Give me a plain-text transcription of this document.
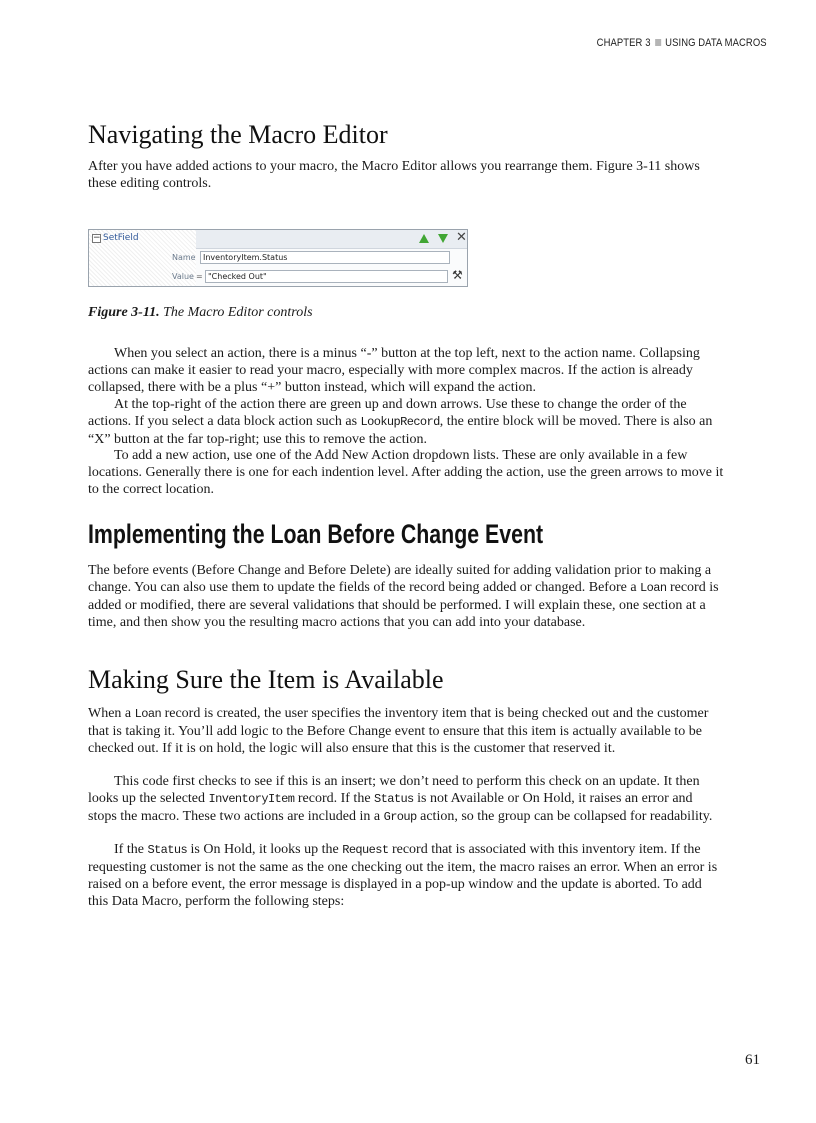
CHAPTER 3 USING DATA MACROS
Navigating the Macro Editor

After you have added actions to your macro, the Macro Editor allows you rearrange them. Figure 3-11 shows these editing controls.

− SetField	✕
Name InventoryItem.Status
Value = "Checked Out"	⚒
Figure 3-11. The Macro Editor controls

When you select an action, there is a minus “-” button at the top left, next to the action name. Collapsing actions can make it easier to read your macro, especially with more complex macros. If the action is already collapsed, there with be a plus “+” button instead, which will expand the action.

At the top-right of the action there are green up and down arrows. Use these to change the order of the actions. If you select a data block action such as LookupRecord, the entire block will be moved. There is also an “X” button at the far top-right; use this to remove the action.

To add a new action, use one of the Add New Action dropdown lists. These are only available in a few locations. Generally there is one for each indention level. After adding the action, use the green arrows to move it to the correct location.

Implementing the Loan Before Change Event

The before events (Before Change and Before Delete) are ideally suited for adding validation prior to making a change. You can also use them to update the fields of the record being added or changed. Before a Loan record is added or modified, there are several validations that should be performed. I will explain these, one section at a time, and then show you the resulting macro actions that you can add into your database.

Making Sure the Item is Available

When a Loan record is created, the user specifies the inventory item that is being checked out and the customer that is taking it. You’ll add logic to the Before Change event to ensure that this item is actually available to be checked out. If it is on hold, the logic will also ensure that this is the customer that reserved it.

This code first checks to see if this is an insert; we don’t need to perform this check on an update. It then looks up the selected InventoryItem record. If the Status is not Available or On Hold, it raises an error and stops the macro. These two actions are included in a Group action, so the group can be collapsed for readability.

If the Status is On Hold, it looks up the Request record that is associated with this inventory item. If the requesting customer is not the same as the one checking out the item, the macro raises an error. When an error is raised on a before event, the error message is displayed in a pop-up window and the update is aborted. To add this Data Macro, perform the following steps:

61
